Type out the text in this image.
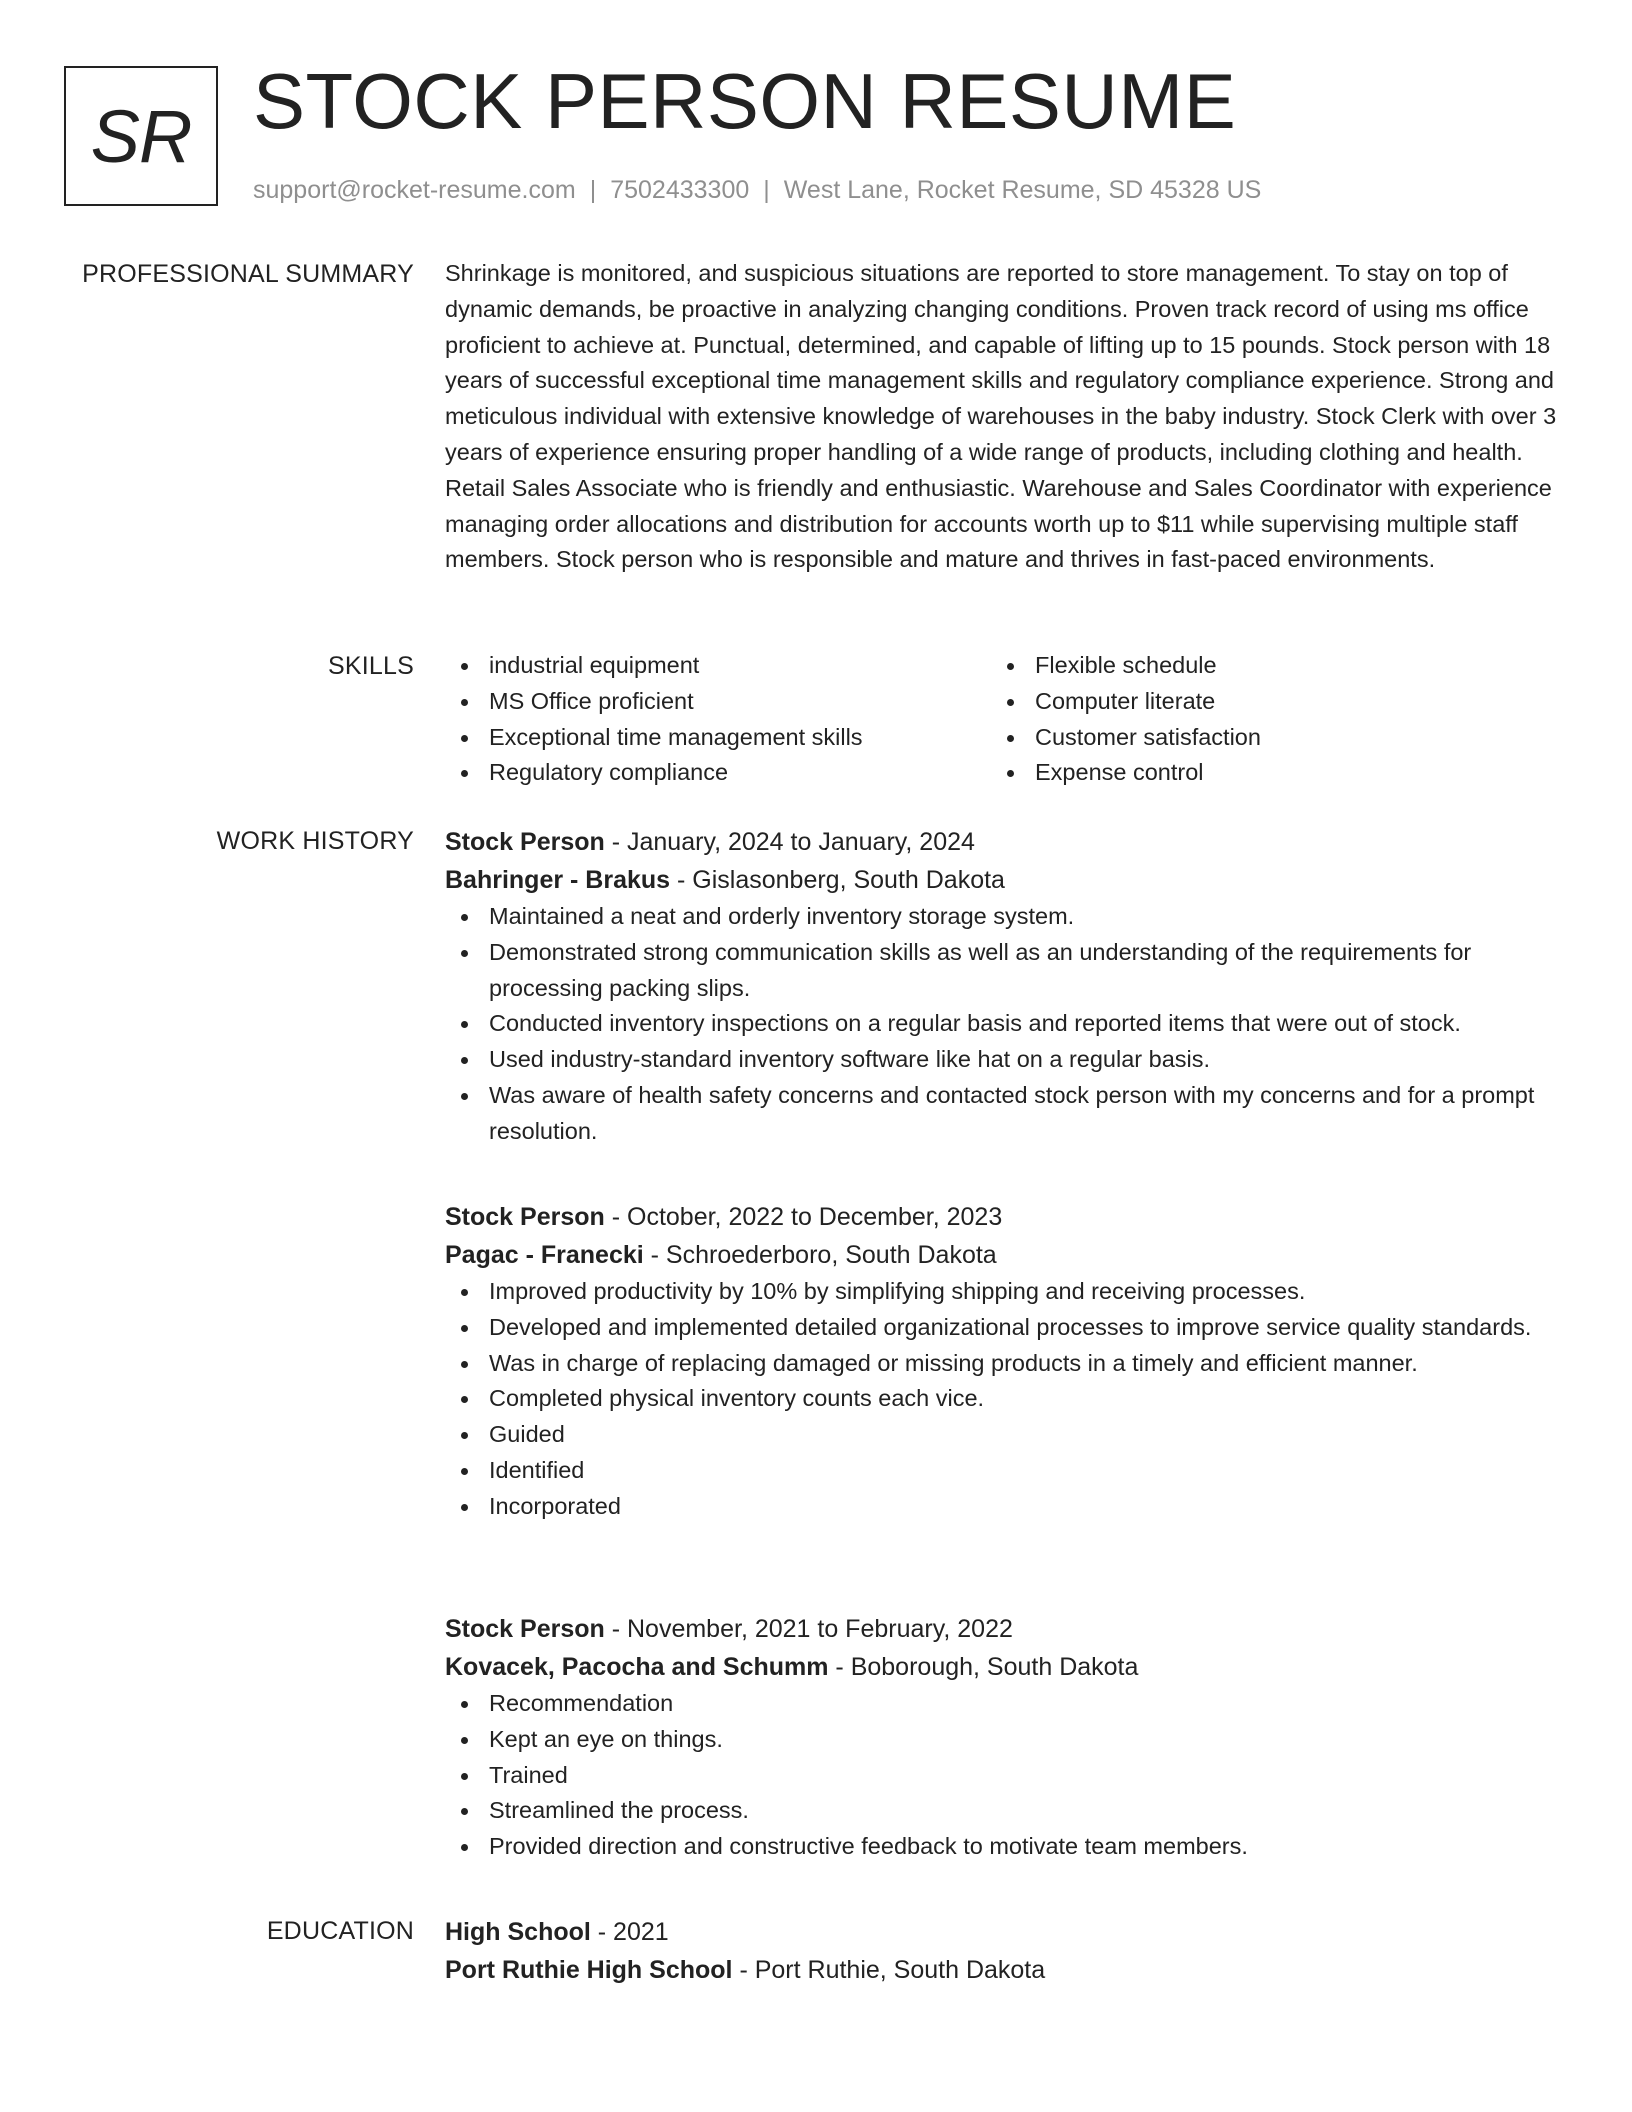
SR STOCK PERSON RESUME
support@rocket-resume.com | 7502433300 | West Lane, Rocket Resume, SD 45328 US
PROFESSIONAL SUMMARY Shrinkage is monitored, and suspicious situations are reported to store management. To stay on top of dynamic demands, be proactive in analyzing changing conditions. Proven track record of using ms office proficient to achieve at. Punctual, determined, and capable of lifting up to 15 pounds. Stock person with 18 years of successful exceptional time management skills and regulatory compliance experience. Strong and meticulous individual with extensive knowledge of warehouses in the baby industry. Stock Clerk with over 3 years of experience ensuring proper handling of a wide range of products, including clothing and health. Retail Sales Associate who is friendly and enthusiastic. Warehouse and Sales Coordinator with experience managing order allocations and distribution for accounts worth up to $11 while supervising multiple staff members. Stock person who is responsible and mature and thrives in fast-paced environments.

SKILLS	industrial equipment
MS Office proficient
Exceptional time management skills
Regulatory compliance
Flexible schedule
Computer literate
Customer satisfaction
Expense control
WORK HISTORY Stock Person - January, 2024 to January, 2024
Bahringer - Brakus - Gislasonberg, South Dakota
Maintained a neat and orderly inventory storage system.
Demonstrated strong communication skills as well as an understanding of the requirements for processing packing slips.
Conducted inventory inspections on a regular basis and reported items that were out of stock.
Used industry-standard inventory software like hat on a regular basis.
Was aware of health safety concerns and contacted stock person with my concerns and for a prompt resolution.
Stock Person - October, 2022 to December, 2023
Pagac - Franecki - Schroederboro, South Dakota
Improved productivity by 10% by simplifying shipping and receiving processes.
Developed and implemented detailed organizational processes to improve service quality standards.
Was in charge of replacing damaged or missing products in a timely and efficient manner.
Completed physical inventory counts each vice.
Guided
Identified
Incorporated
Stock Person - November, 2021 to February, 2022
Kovacek, Pacocha and Schumm - Boborough, South Dakota
Recommendation
Kept an eye on things.
Trained
Streamlined the process.
Provided direction and constructive feedback to motivate team members.
EDUCATION High School - 2021
Port Ruthie High School - Port Ruthie, South Dakota
